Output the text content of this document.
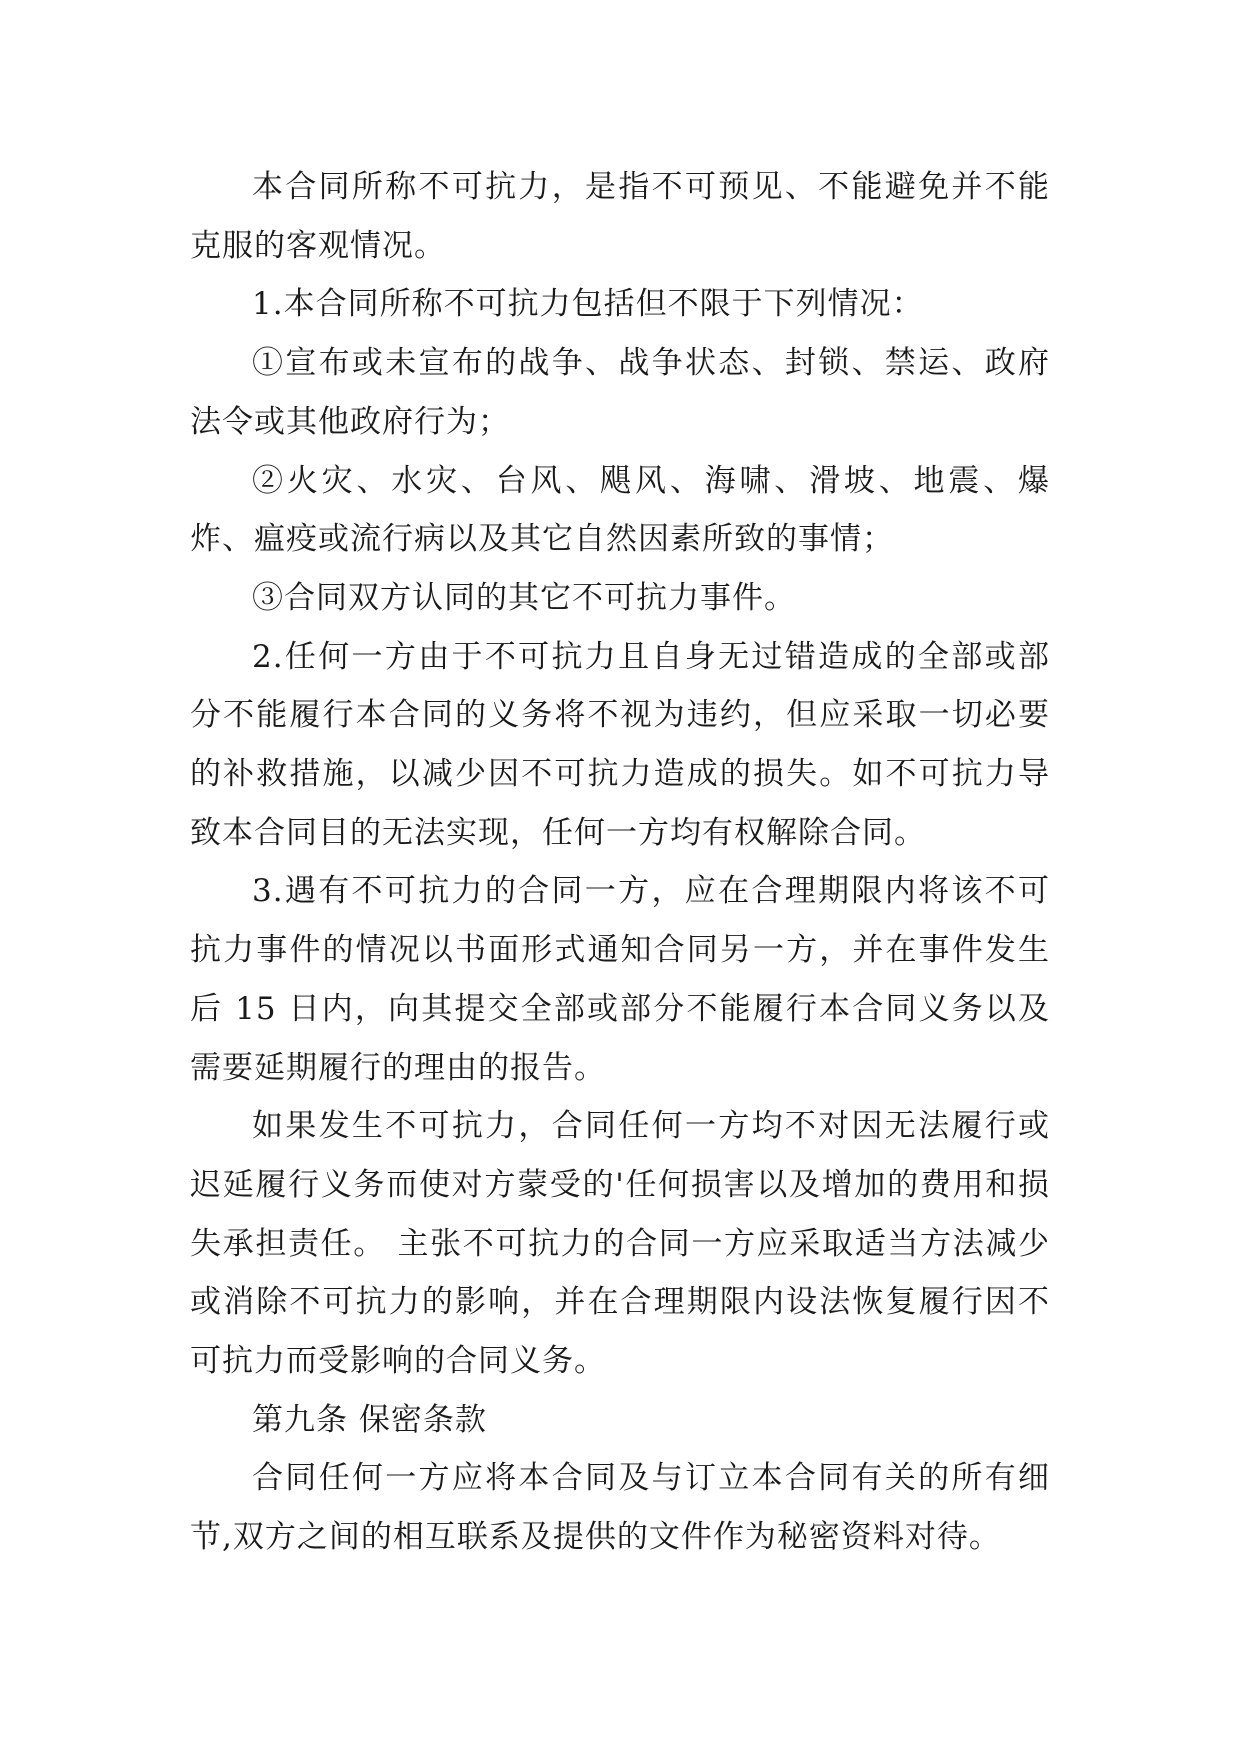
本合同所称不可抗力，是指不可预见、不能避免并不能克服的客观情况。

1.本合同所称不可抗力包括但不限于下列情况：

①宣布或未宣布的战争、战争状态、封锁、禁运、政府法令或其他政府行为；

②火灾、水灾、台风、飓风、海啸、滑坡、地震、爆炸、瘟疫或流行病以及其它自然因素所致的事情；

③合同双方认同的其它不可抗力事件。

2.任何一方由于不可抗力且自身无过错造成的全部或部分不能履行本合同的义务将不视为违约，但应采取一切必要的补救措施，以减少因不可抗力造成的损失。如不可抗力导致本合同目的无法实现，任何一方均有权解除合同。

3.遇有不可抗力的合同一方，应在合理期限内将该不可抗力事件的情况以书面形式通知合同另一方，并在事件发生后 15 日内，向其提交全部或部分不能履行本合同义务以及需要延期履行的理由的报告。

如果发生不可抗力，合同任何一方均不对因无法履行或迟延履行义务而使对方蒙受的'任何损害以及增加的费用和损失承担责任。 主张不可抗力的合同一方应采取适当方法减少或消除不可抗力的影响，并在合理期限内设法恢复履行因不可抗力而受影响的合同义务。

第九条 保密条款

合同任何一方应将本合同及与订立本合同有关的所有细节,双方之间的相互联系及提供的文件作为秘密资料对待。
